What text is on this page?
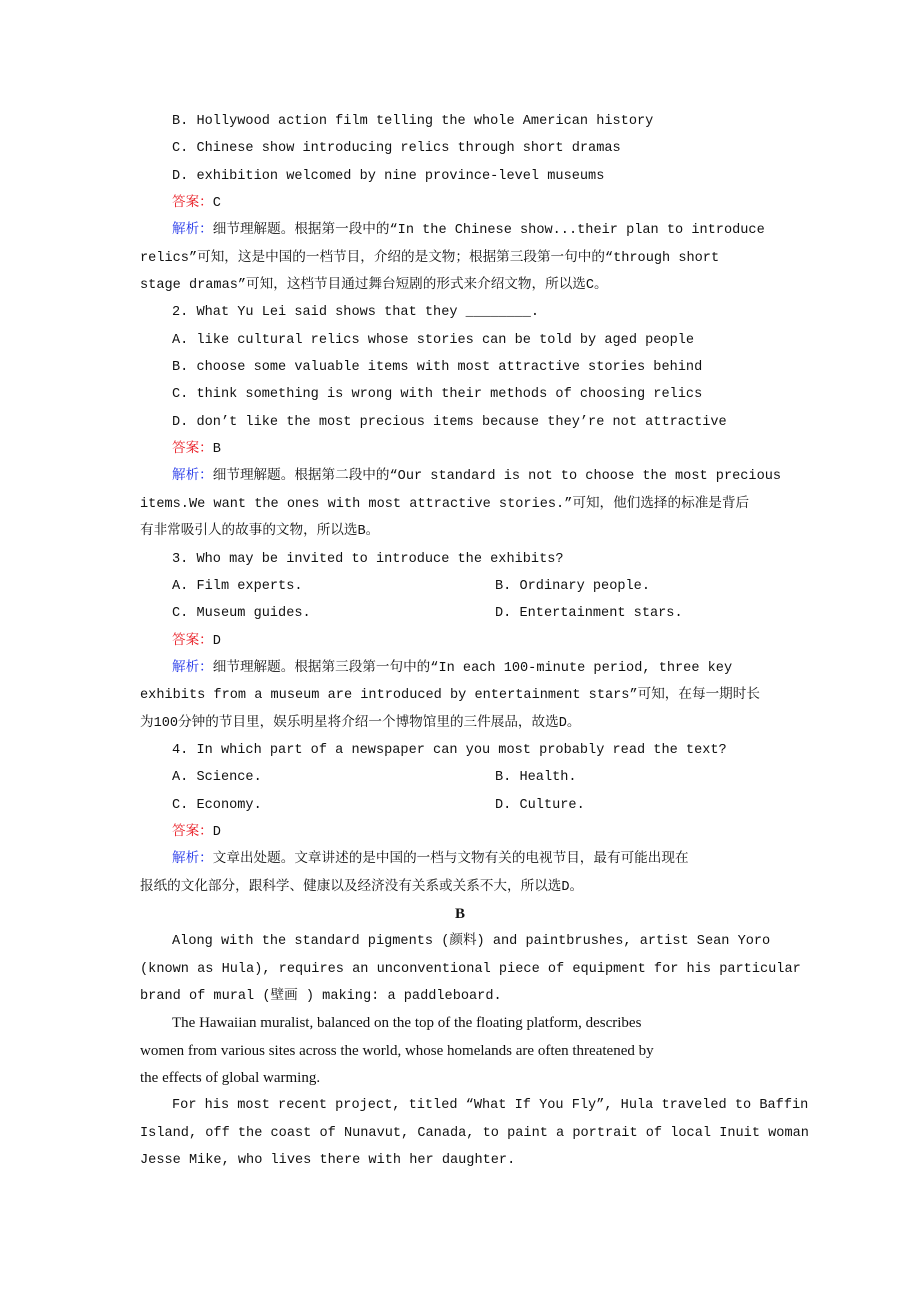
B. Hollywood action film telling the whole American history
C. Chinese show introducing relics through short dramas
D. exhibition welcomed by nine province-level museums
答案：C
解析：细节理解题。根据第一段中的“In the Chinese show...their plan to introduce
relics”可知，这是中国的一档节目，介绍的是文物；根据第三段第一句中的“through short
stage dramas”可知，这档节目通过舞台短剧的形式来介绍文物，所以选C。
2. What Yu Lei said shows that they ________.
A. like cultural relics whose stories can be told by aged people
B. choose some valuable items with most attractive stories behind
C. think something is wrong with their methods of choosing relics
D. don’t like the most precious items because they’re not attractive
答案：B
解析：细节理解题。根据第二段中的“Our standard is not to choose the most precious
items.We want the ones with most attractive stories.”可知，他们选择的标准是背后
有非常吸引人的故事的文物，所以选B。
3. Who may be invited to introduce the exhibits?
A. Film experts.	B. Ordinary people.
C. Museum guides.	D. Entertainment stars.
答案：D
解析：细节理解题。根据第三段第一句中的“In each 100-minute period, three key
exhibits from a museum are introduced by entertainment stars”可知，在每一期时长
为100分钟的节目里，娱乐明星将介绍一个博物馆里的三件展品，故选D。
4. In which part of a newspaper can you most probably read the text?
A. Science.	B. Health.
C. Economy.	D. Culture.
答案：D
解析：文章出处题。文章讲述的是中国的一档与文物有关的电视节目，最有可能出现在
报纸的文化部分，跟科学、健康以及经济没有关系或关系不大，所以选D。
B
Along with the standard pigments (颜料) and paintbrushes, artist Sean Yoro
(known as Hula), requires an unconventional piece of equipment for his particular
brand of mural (壁画 ) making: a paddleboard.
The Hawaiian muralist, balanced on the top of the floating platform, describes
women from various sites across the world, whose homelands are often threatened by
the effects of global warming.
For his most recent project, titled “What If You Fly”, Hula traveled to Baffin
Island, off the coast of Nunavut, Canada, to paint a portrait of local Inuit woman
Jesse Mike, who lives there with her daughter.
